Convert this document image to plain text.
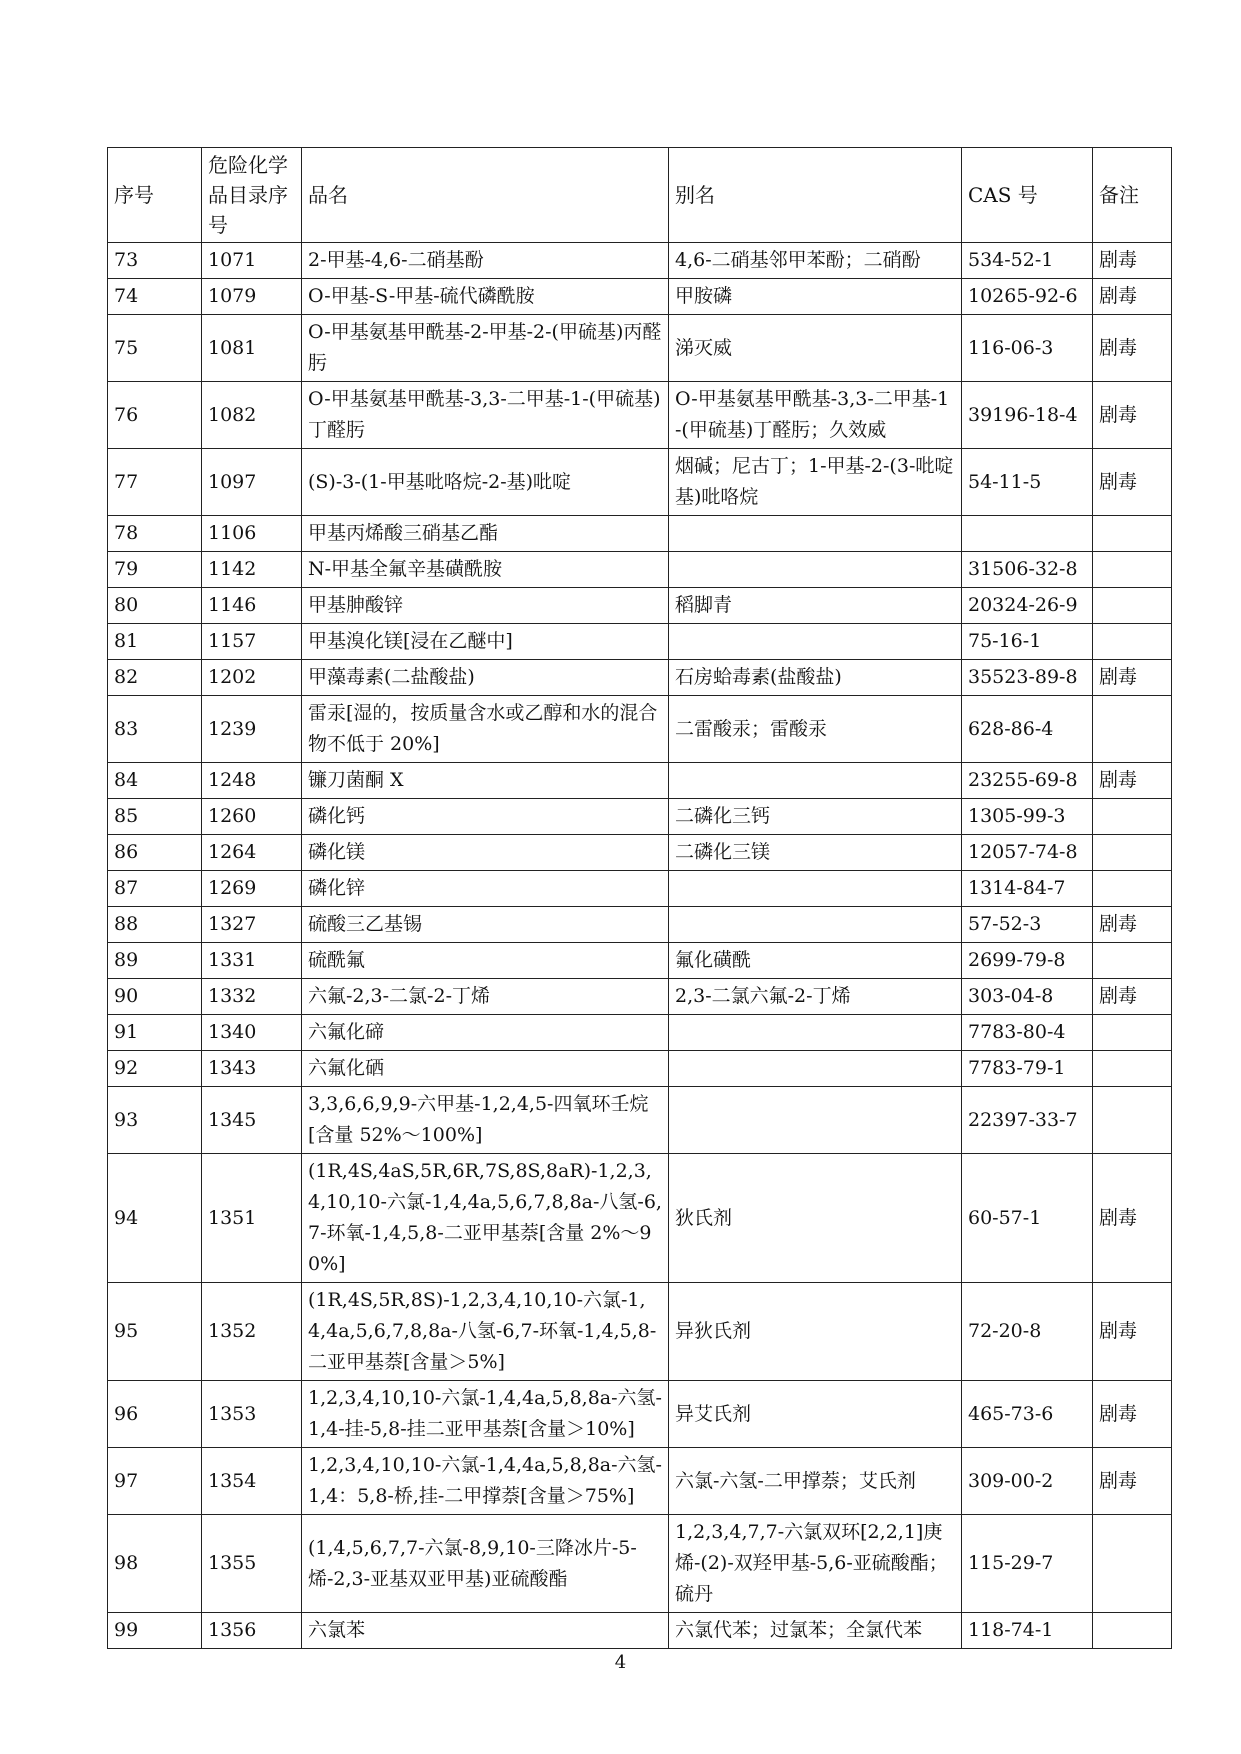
序号	危险化学品目录序号	品名	别名	CAS 号	备注
73	1071	2-甲基-4,6-二硝基酚	4,6-二硝基邻甲苯酚；二硝酚	534-52-1	剧毒
74	1079	O-甲基-S-甲基-硫代磷酰胺	甲胺磷	10265-92-6	剧毒
75	1081	O-甲基氨基甲酰基-2-甲基-2-(甲硫基)丙醛肟	涕灭威	116-06-3	剧毒
76	1082	O-甲基氨基甲酰基-3,3-二甲基-1-(甲硫基)丁醛肟	O-甲基氨基甲酰基-3,3-二甲基-1-(甲硫基)丁醛肟；久效威	39196-18-4	剧毒
77	1097	(S)-3-(1-甲基吡咯烷-2-基)吡啶	烟碱；尼古丁；1-甲基-2-(3-吡啶基)吡咯烷	54-11-5	剧毒
78	1106	甲基丙烯酸三硝基乙酯			
79	1142	N-甲基全氟辛基磺酰胺		31506-32-8	
80	1146	甲基胂酸锌	稻脚青	20324-26-9	
81	1157	甲基溴化镁[浸在乙醚中]		75-16-1	
82	1202	甲藻毒素(二盐酸盐)	石房蛤毒素(盐酸盐)	35523-89-8	剧毒
83	1239	雷汞[湿的，按质量含水或乙醇和水的混合物不低于 20%]	二雷酸汞；雷酸汞	628-86-4	
84	1248	镰刀菌酮 X		23255-69-8	剧毒
85	1260	磷化钙	二磷化三钙	1305-99-3	
86	1264	磷化镁	二磷化三镁	12057-74-8	
87	1269	磷化锌		1314-84-7	
88	1327	硫酸三乙基锡		57-52-3	剧毒
89	1331	硫酰氟	氟化磺酰	2699-79-8	
90	1332	六氟-2,3-二氯-2-丁烯	2,3-二氯六氟-2-丁烯	303-04-8	剧毒
91	1340	六氟化碲		7783-80-4	
92	1343	六氟化硒		7783-79-1	
93	1345	3,3,6,6,9,9-六甲基-1,2,4,5-四氧环壬烷[含量 52%～100%]		22397-33-7	
94	1351	(1R,4S,4aS,5R,6R,7S,8S,8aR)-1,2,3,4,10,10-六氯-1,4,4a,5,6,7,8,8a-八氢-6,7-环氧-1,4,5,8-二亚甲基萘[含量 2%～90%]	狄氏剂	60-57-1	剧毒
95	1352	(1R,4S,5R,8S)-1,2,3,4,10,10-六氯-1,4,4a,5,6,7,8,8a-八氢-6,7-环氧-1,4,5,8-二亚甲基萘[含量＞5%]	异狄氏剂	72-20-8	剧毒
96	1353	1,2,3,4,10,10-六氯-1,4,4a,5,8,8a-六氢-1,4-挂-5,8-挂二亚甲基萘[含量＞10%]	异艾氏剂	465-73-6	剧毒
97	1354	1,2,3,4,10,10-六氯-1,4,4a,5,8,8a-六氢-1,4：5,8-桥,挂-二甲撑萘[含量＞75%]	六氯-六氢-二甲撑萘；艾氏剂	309-00-2	剧毒
98	1355	(1,4,5,6,7,7-六氯-8,9,10-三降冰片-5-烯-2,3-亚基双亚甲基)亚硫酸酯	1,2,3,4,7,7-六氯双环[2,2,1]庚烯-(2)-双羟甲基-5,6-亚硫酸酯；硫丹	115-29-7	
99	1356	六氯苯	六氯代苯；过氯苯；全氯代苯	118-74-1	
4
